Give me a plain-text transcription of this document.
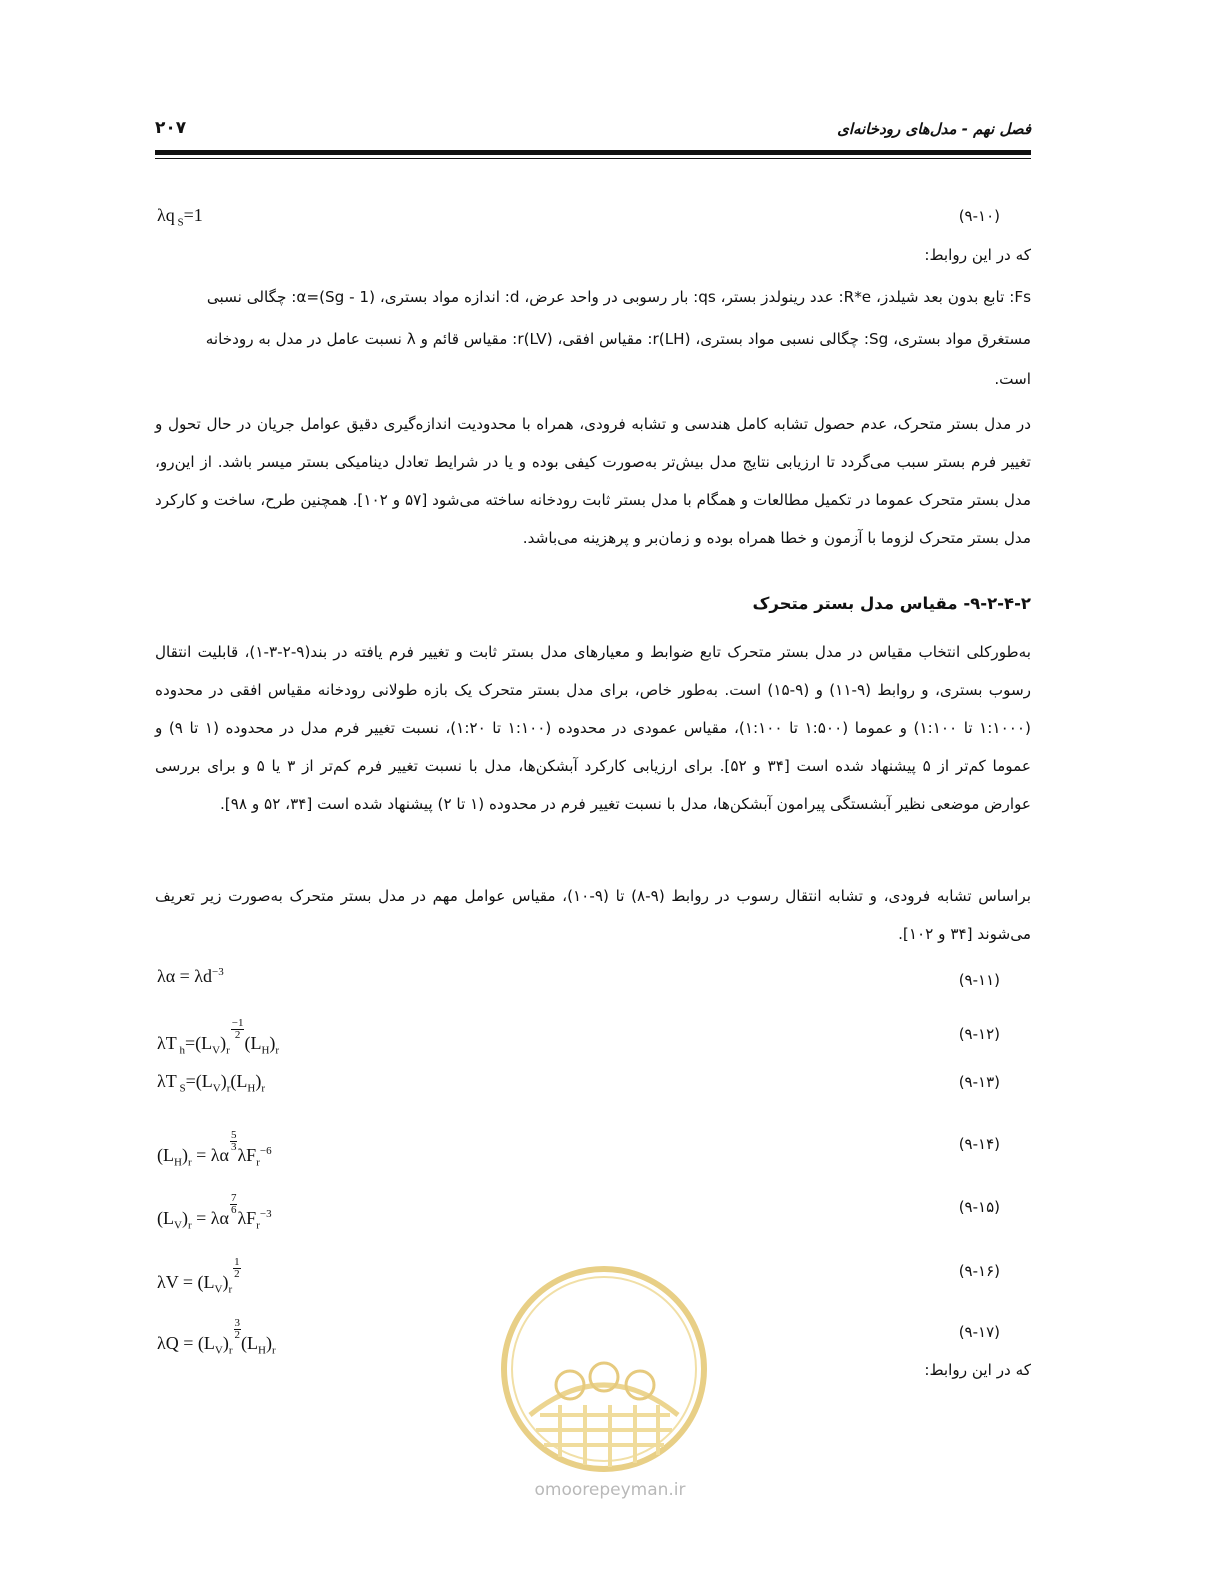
فصل نهم - مدل‌های رودخانه‌ای
۲۰۷
λq $_S$=1	(۹-۱۰)
که در این روابط:
Fs: تابع بدون بعد شیلدز، R*e: عدد رینولدز بستر، qs: بار رسوبی در واحد عرض، d: اندازه مواد بستری، α=(Sg - 1): چگالی نسبی
مستغرق مواد بستری، Sg: چگالی نسبی مواد بستری، (LH)r: مقیاس افقی، (LV)r: مقیاس قائم و λ نسبت عامل در مدل به رودخانه
است.
در مدل بستر متحرک، عدم حصول تشابه کامل هندسی و تشابه فرودی، همراه با محدودیت اندازه‌گیری دقیق عوامل جریان در حال تحول و تغییر فرم بستر سبب می‌گردد تا ارزیابی نتایج مدل بیش‌تر به‌صورت کیفی بوده و یا در شرایط تعادل دینامیکی بستر میسر باشد. از این‌رو، مدل بستر متحرک عموما در تکمیل مطالعات و همگام با مدل بستر ثابت رودخانه ساخته می‌شود [۵۷ و ۱۰۲]. همچنین طرح، ساخت و کارکرد مدل بستر متحرک لزوما با آزمون و خطا همراه بوده و زمان‌بر و پرهزینه می‌باشد.
۹-۲-۴-۲- مقیاس مدل بستر متحرک
به‌طورکلی انتخاب مقیاس در مدل بستر متحرک تابع ضوابط و معیارهای مدل بستر ثابت و تغییر فرم یافته در بند(۹-۲-۳-۱)، قابلیت انتقال رسوب بستری، و روابط (۹-۱۱) و (۹-۱۵) است. به‌طور خاص، برای مدل بستر متحرک یک بازه طولانی رودخانه مقیاس افقی در محدوده (۱:۱۰۰۰ تا ۱:۱۰۰) و عموما (۱:۵۰۰ تا ۱:۱۰۰)، مقیاس عمودی در محدوده (۱:۱۰۰ تا ۱:۲۰)، نسبت تغییر فرم مدل در محدوده (۱ تا ۹) و عموما کم‌تر از ۵ پیشنهاد شده است [۳۴ و ۵۲]. برای ارزیابی کارکرد آبشکن‌ها، مدل با نسبت تغییر فرم کم‌تر از ۳ یا ۵ و برای بررسی عوارض موضعی نظیر آبشستگی پیرامون آبشکن‌ها، مدل با نسبت تغییر فرم در محدوده (۱ تا ۲) پیشنهاد شده است [۳۴، ۵۲ و ۹۸].
براساس تشابه فرودی، و تشابه انتقال رسوب در روابط (۹-۸) تا (۹-۱۰)، مقیاس عوامل مهم در مدل بستر متحرک به‌صورت زیر تعریف می‌شوند [۳۴ و ۱۰۲].
$\lambda\alpha = \lambda d^{-3}$	(۹-۱۱)
λT $_h=(L_V)_r$
$\frac{-1}{2}$
$(L_H)_r$
(۹-۱۲)
λT $_S=(L_V)_r(L_H)_r$	(۹-۱۳)
$(L_H)_r = \lambda\alpha$
$\frac{5}{3}$
$\lambda F_r^{-6}$	(۹-۱۴)
$(L_V)_r = \lambda\alpha$
$\frac{7}{6}$
$\lambda F_r^{-3}$	(۹-۱۵)
$\lambda V = (L_V)_r$
$\frac{1}{2}$	(۹-۱۶)
$\lambda Q = (L_V)_r$
$\frac{3}{2}$
$(L_H)_r$
(۹-۱۷)
که در این روابط:
omoorepeyman.ir
